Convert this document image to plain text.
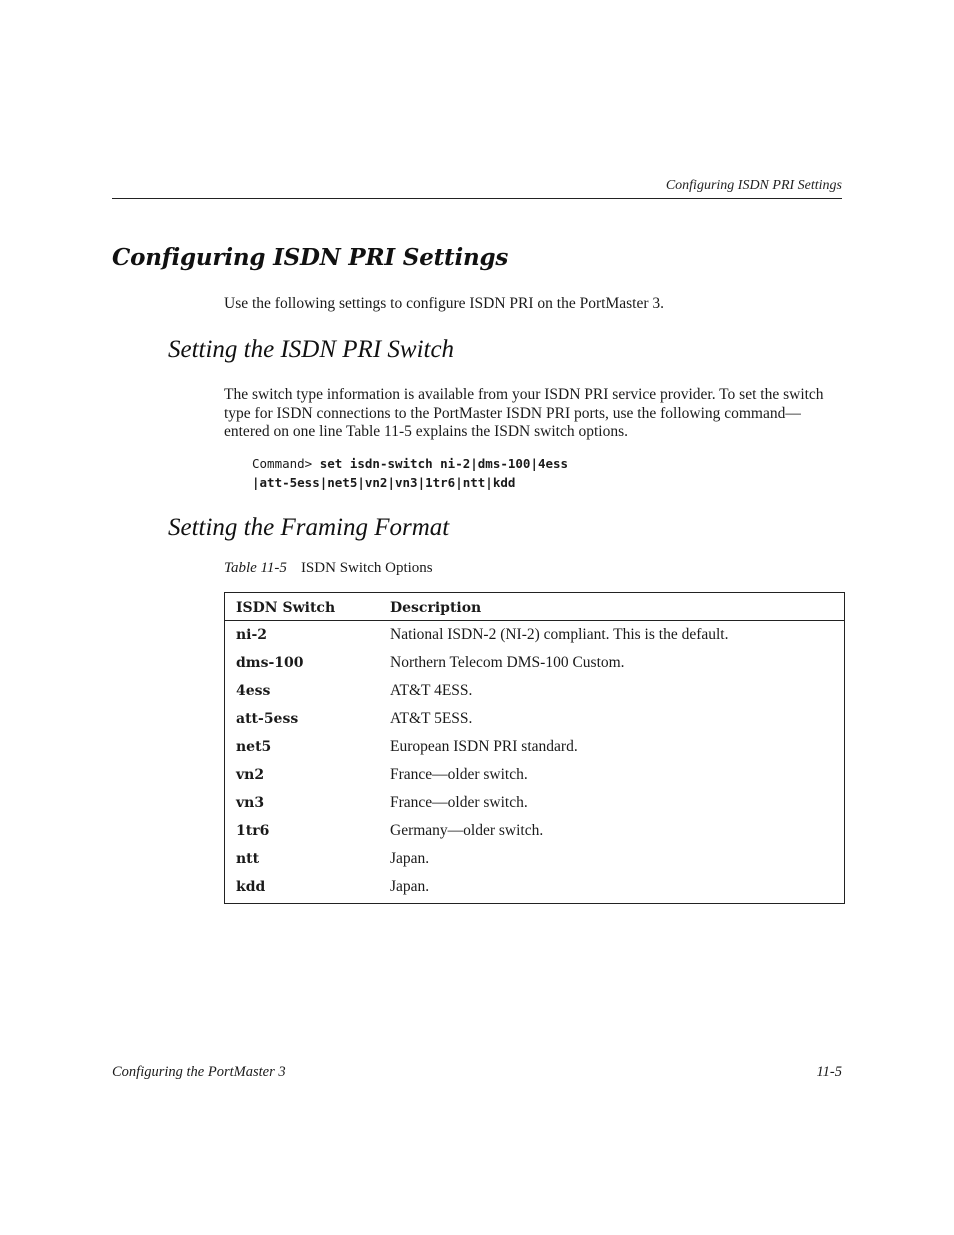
Configuring ISDN PRI Settings
Configuring ISDN PRI Settings

Use the following settings to configure ISDN PRI on the PortMaster 3.

Setting the ISDN PRI Switch

The switch type information is available from your ISDN PRI service provider. To set the switch type for ISDN connections to the PortMaster ISDN PRI ports, use the following command—entered on one line Table 11-5 explains the ISDN switch options.

Command> set isdn-switch ni-2|dms-100|4ess
|att-5ess|net5|vn2|vn3|1tr6|ntt|kdd
Setting the Framing Format
Table 11-5 ISDN Switch Options
ISDN Switch	Description
ni-2	National ISDN-2 (NI-2) compliant. This is the default.
dms-100	Northern Telecom DMS-100 Custom.
4ess	AT&T 4ESS.
att-5ess	AT&T 5ESS.
net5	European ISDN PRI standard.
vn2	France—older switch.
vn3	France—older switch.
1tr6	Germany—older switch.
ntt	Japan.
kdd	Japan.
Configuring the PortMaster 3	11-5
